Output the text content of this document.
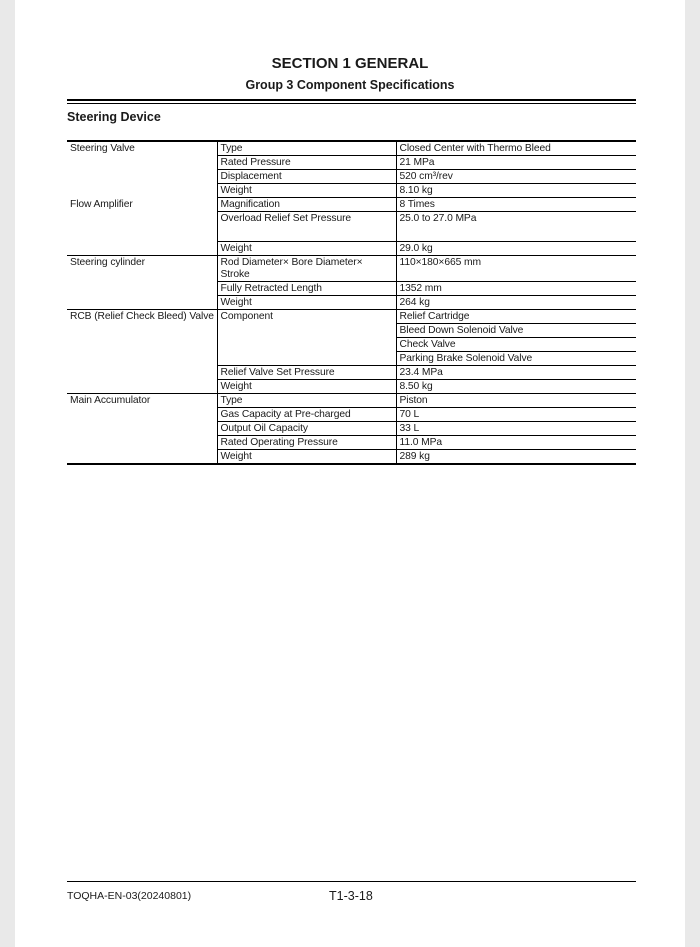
SECTION 1 GENERAL
Group 3 Component Specifications
Steering Device
Steering Valve	Type	Closed Center with Thermo Bleed
	Rated Pressure	21 MPa
	Displacement	520 cm³/rev
	Weight	8.10 kg
Flow Amplifier	Magnification	8 Times
	Overload Relief Set Pressure	25.0 to 27.0 MPa
	Weight	29.0 kg
Steering cylinder	Rod Diameter× Bore Diameter× Stroke	110×180×665 mm
	Fully Retracted Length	1352 mm
	Weight	264 kg
RCB (Relief Check Bleed) Valve	Component	Relief Cartridge
		Bleed Down Solenoid Valve
		Check Valve
		Parking Brake Solenoid Valve
	Relief Valve Set Pressure	23.4 MPa
	Weight	8.50 kg
Main Accumulator	Type	Piston
	Gas Capacity at Pre-charged	70 L
	Output Oil Capacity	33 L
	Rated Operating Pressure	11.0 MPa
	Weight	289 kg
TOQHA-EN-03(20240801)	T1-3-18
